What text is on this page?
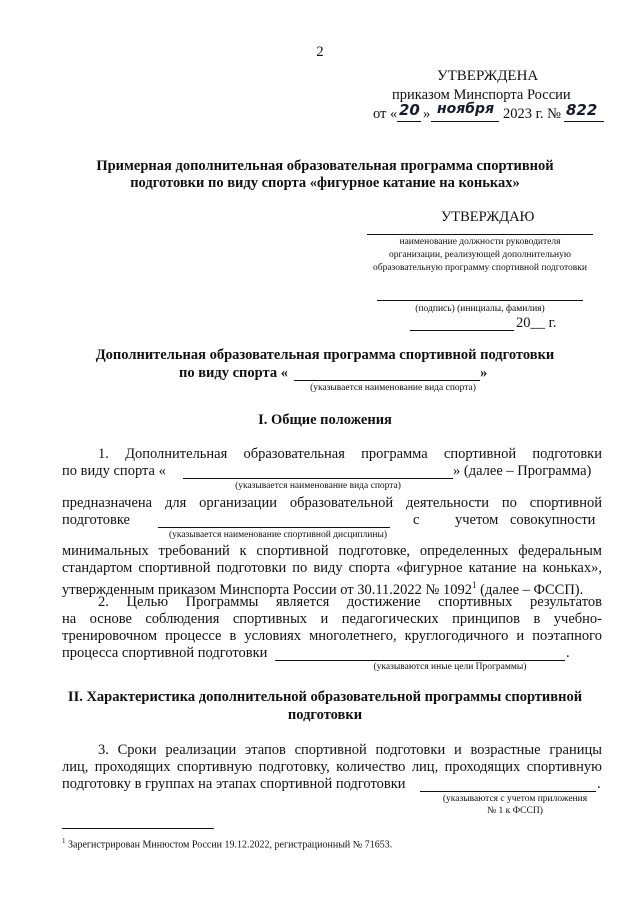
2
УТВЕРЖДЕНА
приказом Минспорта России
от « 20 » ноября 2023 г. № 822
Примерная дополнительная образовательная программа спортивной
подготовки по виду спорта «фигурное катание на коньках»
УТВЕРЖДАЮ
наименование должности руководителя
организации, реализующей дополнительную
образовательную программу спортивной подготовки
(подпись) (инициалы, фамилия)
20__ г.
Дополнительная образовательная программа спортивной подготовки
по виду спорта «	»
(указывается наименование вида спорта)
I. Общие положения
1. Дополнительная образовательная программа спортивной подготовки
по виду спорта «	» (далее – Программа)
(указывается наименование вида спорта)
предназначена для организации образовательной деятельности по спортивной
подготовке	с учетом совокупности
(указывается наименование спортивной дисциплины)
минимальных требований к спортивной подготовке, определенных федеральным
стандартом спортивной подготовки по виду спорта «фигурное катание на коньках»,
утвержденным приказом Минспорта России от 30.11.2022 № 1092$^1$ (далее – ФССП).
2. Целью Программы является достижение спортивных результатов
на основе соблюдения спортивных и педагогических принципов в учебно-
тренировочном процессе в условиях многолетнего, круглогодичного и поэтапного
процесса спортивной подготовки	.
(указываются иные цели Программы)
II. Характеристика дополнительной образовательной программы спортивной
подготовки
3. Сроки реализации этапов спортивной подготовки и возрастные границы
лиц, проходящих спортивную подготовку, количество лиц, проходящих спортивную
подготовку в группах на этапах спортивной подготовки	.
(указываются с учетом приложения
№ 1 к ФССП)
$^1$ Зарегистрирован Минюстом России 19.12.2022, регистрационный № 71653.
